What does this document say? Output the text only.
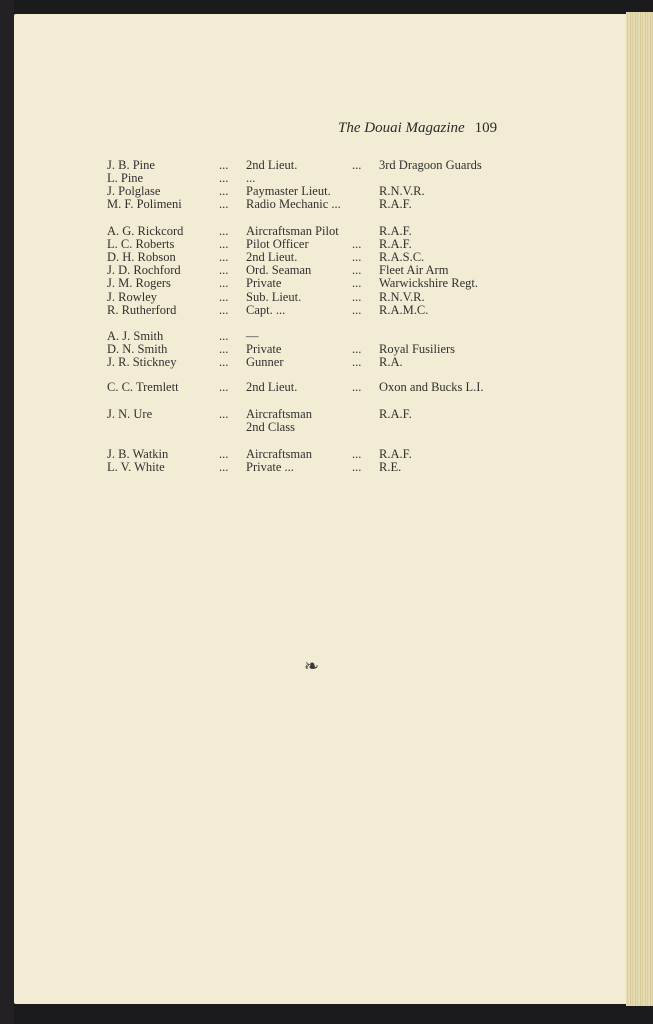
The Douai Magazine 109
J. B. Pine	... 2nd Lieut.	... 3rd Dragoon Guards
L. Pine	... ...
J. Polglase	... Paymaster Lieut.	R.N.V.R.
M. F. Polimeni	... Radio Mechanic ...	R.A.F.
A. G. Rickcord	... Aircraftsman Pilot	R.A.F.
L. C. Roberts	... Pilot Officer	... R.A.F.
D. H. Robson	... 2nd Lieut.	... R.A.S.C.
J. D. Rochford	... Ord. Seaman	... Fleet Air Arm
J. M. Rogers	... Private	... Warwickshire Regt.
J. Rowley	... Sub. Lieut.	... R.N.V.R.
R. Rutherford	... Capt. ...	... R.A.M.C.
A. J. Smith	... —
D. N. Smith	... Private	... Royal Fusiliers
J. R. Stickney	... Gunner	... R.A.
C. C. Tremlett	... 2nd Lieut.	... Oxon and Bucks L.I.
J. N. Ure	... Aircraftsman	R.A.F.
2nd Class
J. B. Watkin	... Aircraftsman	... R.A.F.
L. V. White	... Private ...	... R.E.
❧
